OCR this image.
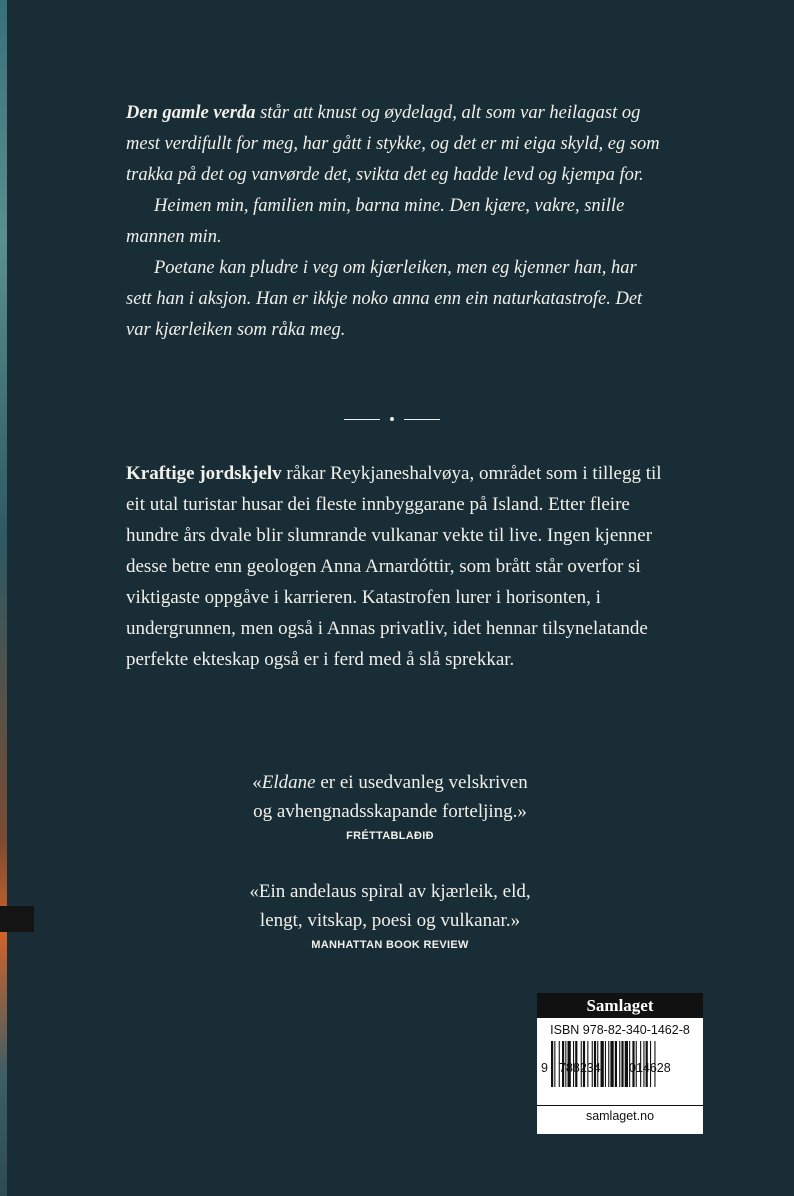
Den gamle verda står att knust og øydelagd, alt som var heilagast og mest verdifullt for meg, har gått i stykke, og det er mi eiga skyld, eg som trakka på det og vanvørde det, svikta det eg hadde levd og kjempa for.

Heimen min, familien min, barna mine. Den kjære, vakre, snille mannen min.

Poetane kan pludre i veg om kjærleiken, men eg kjenner han, har sett han i aksjon. Han er ikkje noko anna enn ein naturkatastrofe. Det var kjærleiken som råka meg.

Kraftige jordskjelv råkar Reykjaneshalvøya, området som i tillegg til eit utal turistar husar dei fleste innbyggarane på Island. Etter fleire hundre års dvale blir slumrande vulkanar vekte til live. Ingen kjenner desse betre enn geologen Anna Arnardóttir, som brått står overfor si viktigaste oppgåve i karrieren. Katastrofen lurer i horisonten, i undergrunnen, men også i Annas privatliv, idet hennar tilsynelatande perfekte ekteskap også er i ferd med å slå sprekkar.

«Eldane er ei usedvanleg velskriven
og avhengnadsskapande forteljing.»
FRÉTTABLAÐIÐ
«Ein andelaus spiral av kjærleik, eld,
lengt, vitskap, poesi og vulkanar.»
MANHATTAN BOOK REVIEW
Samlaget
ISBN 978-82-340-1462-8
9 788234 014628
samlaget.no
